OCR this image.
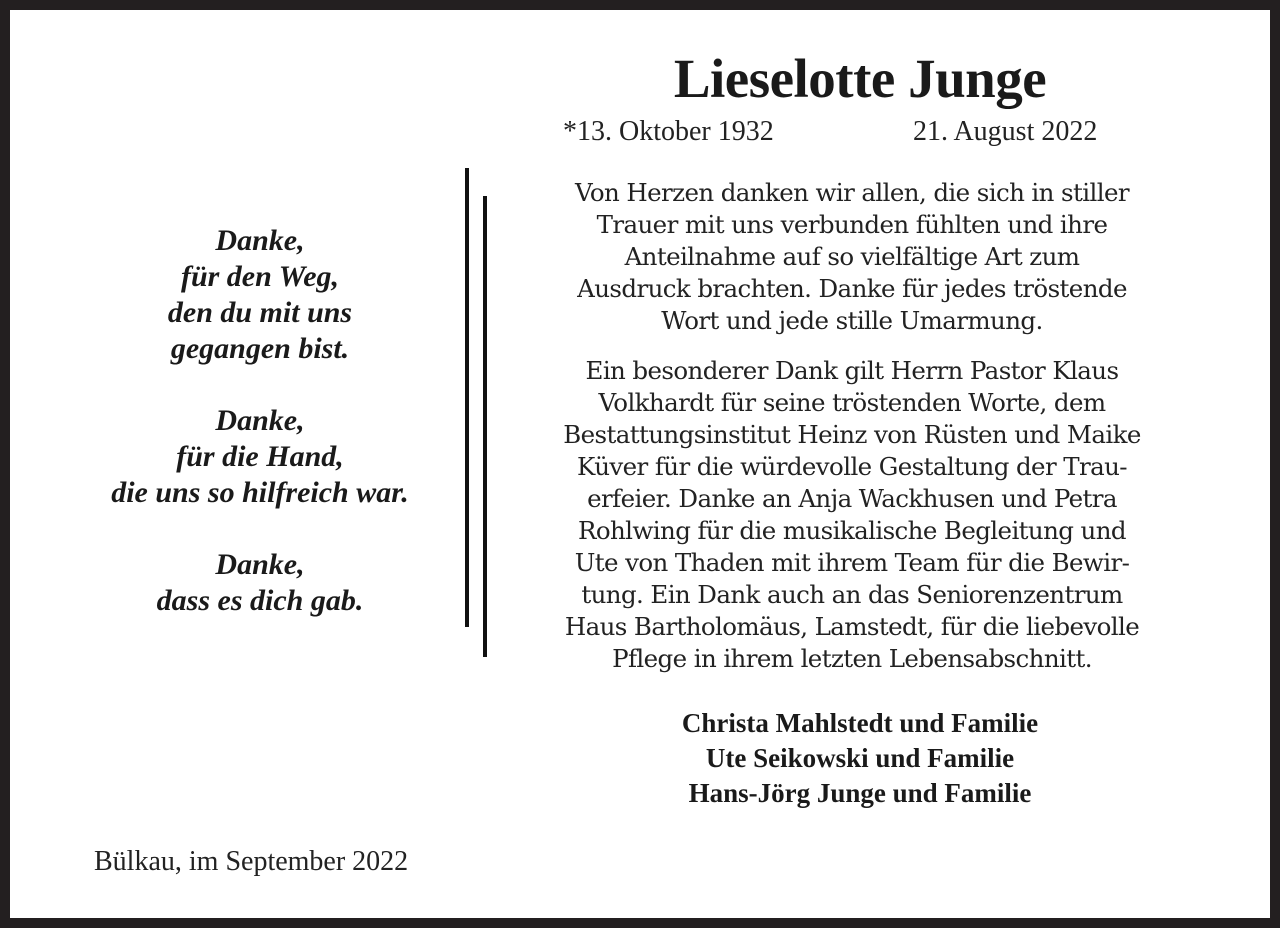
Lieselotte Junge
*13. Oktober 1932	21. August 2022
Danke,
für den Weg,
den du mit uns
gegangen bist.
Danke,
für die Hand,
die uns so hilfreich war.
Danke,
dass es dich gab.
Von Herzen danken wir allen, die sich in stiller
Trauer mit uns verbunden fühlten und ihre
Anteilnahme auf so vielfältige Art zum
Ausdruck brachten. Danke für jedes tröstende
Wort und jede stille Umarmung.
Ein besonderer Dank gilt Herrn Pastor Klaus
Volkhardt für seine tröstenden Worte, dem
Bestattungsinstitut Heinz von Rüsten und Maike
Küver für die würdevolle Gestaltung der Trau-
erfeier. Danke an Anja Wackhusen und Petra
Rohlwing für die musikalische Begleitung und
Ute von Thaden mit ihrem Team für die Bewir-
tung. Ein Dank auch an das Seniorenzentrum
Haus Bartholomäus, Lamstedt, für die liebevolle
Pflege in ihrem letzten Lebensabschnitt.
Christa Mahlstedt und Familie
Ute Seikowski und Familie
Hans-Jörg Junge und Familie
Bülkau, im September 2022
